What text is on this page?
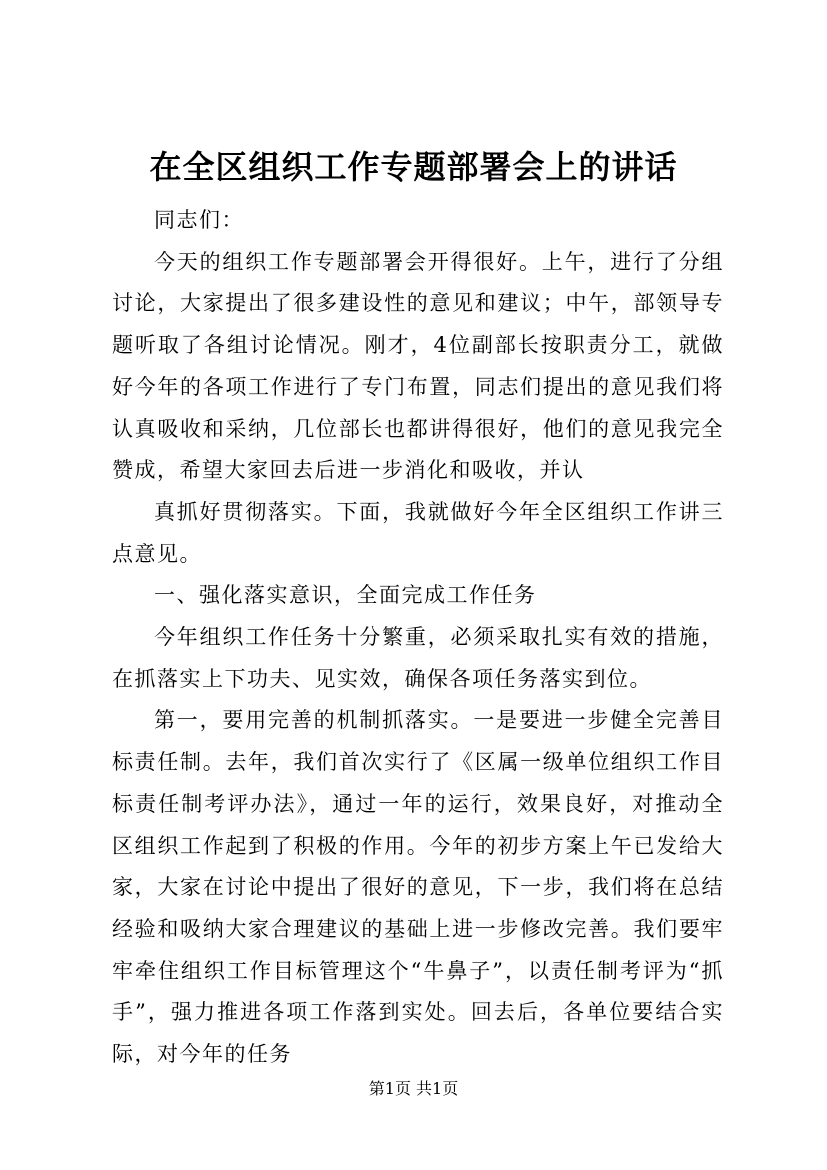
在全区组织工作专题部署会上的讲话

同志们：

今天的组织工作专题部署会开得很好。上午，进行了分组讨论，大家提出了很多建设性的意见和建议；中午，部领导专题听取了各组讨论情况。刚才，4位副部长按职责分工，就做好今年的各项工作进行了专门布置，同志们提出的意见我们将认真吸收和采纳，几位部长也都讲得很好，他们的意见我完全赞成，希望大家回去后进一步消化和吸收，并认

真抓好贯彻落实。下面，我就做好今年全区组织工作讲三点意见。

一、强化落实意识，全面完成工作任务

今年组织工作任务十分繁重，必须采取扎实有效的措施，在抓落实上下功夫、见实效，确保各项任务落实到位。

第一，要用完善的机制抓落实。一是要进一步健全完善目标责任制。去年，我们首次实行了《区属一级单位组织工作目标责任制考评办法》，通过一年的运行，效果良好，对推动全区组织工作起到了积极的作用。今年的初步方案上午已发给大家，大家在讨论中提出了很好的意见，下一步，我们将在总结经验和吸纳大家合理建议的基础上进一步修改完善。我们要牢牢牵住组织工作目标管理这个“牛鼻子”，以责任制考评为“抓手”，强力推进各项工作落到实处。回去后，各单位要结合实际，对今年的任务

第1页 共1页
